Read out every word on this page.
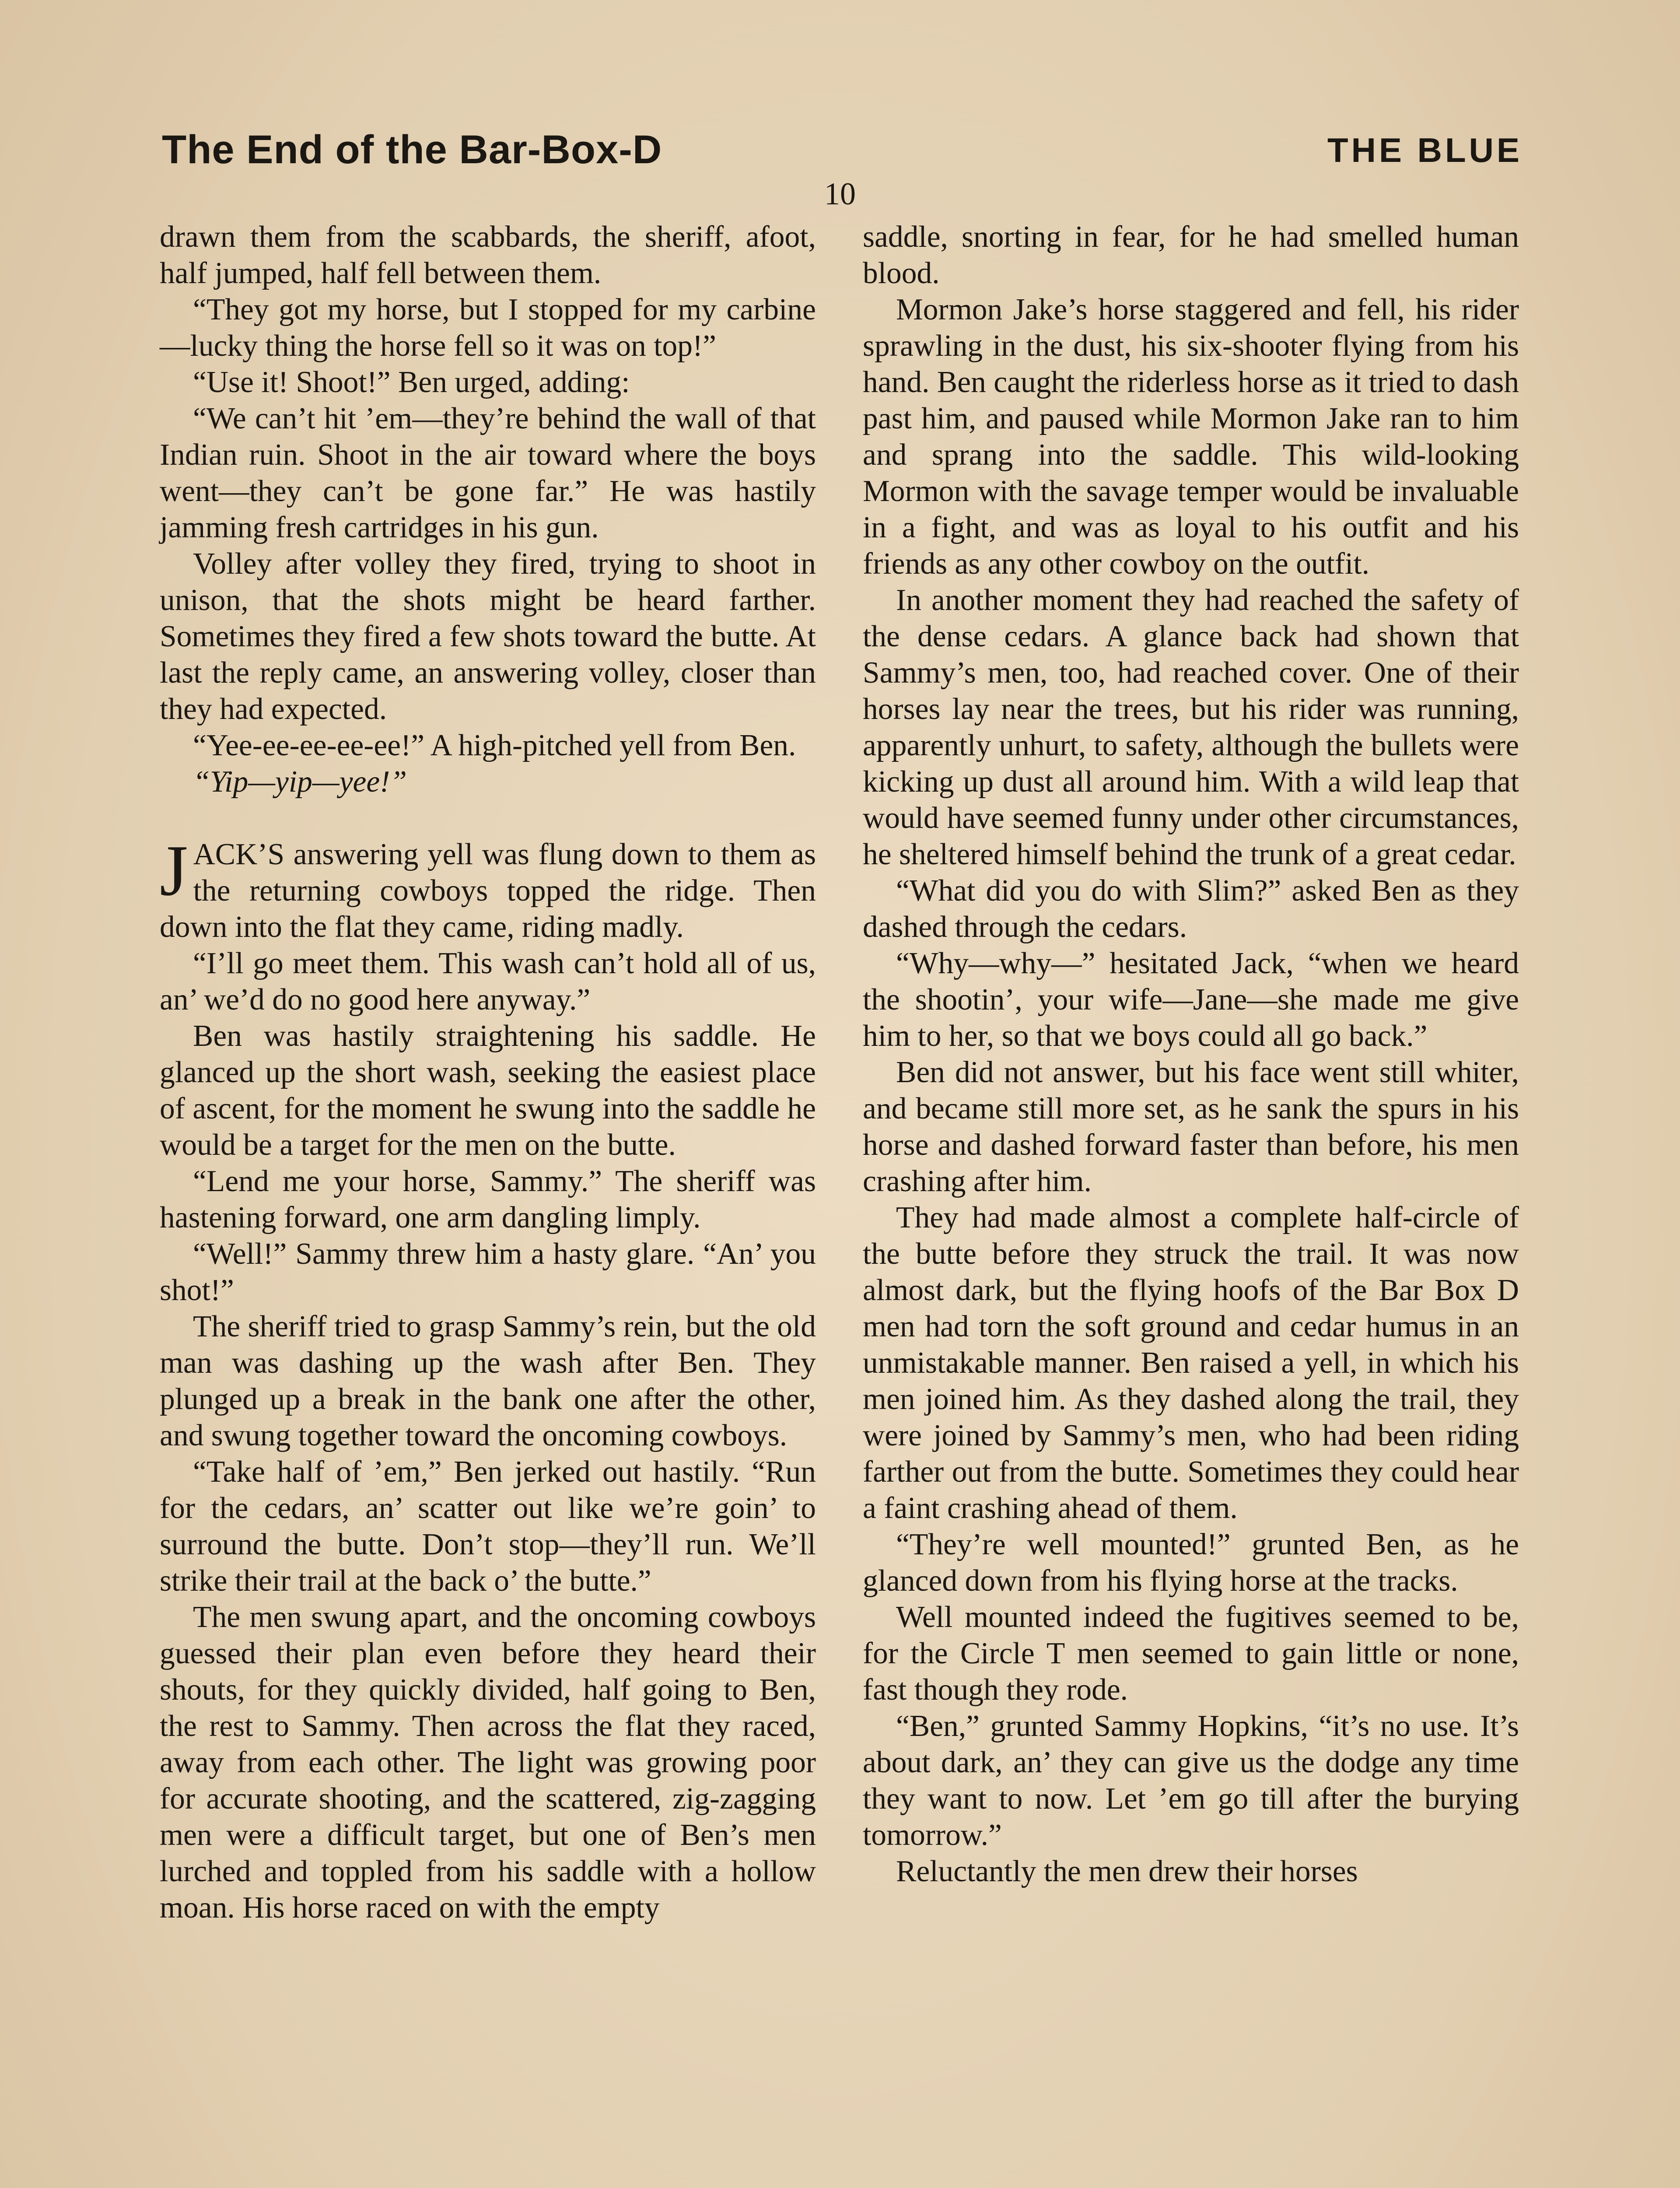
The End of the Bar-Box-D	THE BLUE
10

drawn them from the scabbards, the sheriff, afoot, half jumped, half fell between them.

“They got my horse, but I stopped for my carbine—lucky thing the horse fell so it was on top!”

“Use it! Shoot!” Ben urged, adding:

“We can’t hit ’em—they’re behind the wall of that Indian ruin. Shoot in the air toward where the boys went—they can’t be gone far.” He was hastily jamming fresh cartridges in his gun.

Volley after volley they fired, trying to shoot in unison, that the shots might be heard farther. Sometimes they fired a few shots toward the butte. At last the reply came, an answering volley, closer than they had expected.

“Yee-ee-ee-ee-ee!” A high-pitched yell from Ben.

“Yip—yip—yee!”

JACK’S answering yell was flung down to them as the returning cowboys topped the ridge. Then down into the flat they came, riding madly.

“I’ll go meet them. This wash can’t hold all of us, an’ we’d do no good here anyway.”

Ben was hastily straightening his saddle. He glanced up the short wash, seeking the easiest place of ascent, for the moment he swung into the saddle he would be a target for the men on the butte.

“Lend me your horse, Sammy.” The sheriff was hastening forward, one arm dangling limply.

“Well!” Sammy threw him a hasty glare. “An’ you shot!”

The sheriff tried to grasp Sammy’s rein, but the old man was dashing up the wash after Ben. They plunged up a break in the bank one after the other, and swung together toward the oncoming cowboys.

“Take half of ’em,” Ben jerked out hastily. “Run for the cedars, an’ scatter out like we’re goin’ to surround the butte. Don’t stop—they’ll run. We’ll strike their trail at the back o’ the butte.”

The men swung apart, and the oncoming cowboys guessed their plan even before they heard their shouts, for they quickly divided, half going to Ben, the rest to Sammy. Then across the flat they raced, away from each other. The light was growing poor for accurate shooting, and the scattered, zig-zagging men were a difficult target, but one of Ben’s men lurched and toppled from his saddle with a hollow moan. His horse raced on with the empty

saddle, snorting in fear, for he had smelled human blood.

Mormon Jake’s horse staggered and fell, his rider sprawling in the dust, his six-shooter flying from his hand. Ben caught the riderless horse as it tried to dash past him, and paused while Mormon Jake ran to him and sprang into the saddle. This wild-looking Mormon with the savage temper would be invaluable in a fight, and was as loyal to his outfit and his friends as any other cowboy on the outfit.

In another moment they had reached the safety of the dense cedars. A glance back had shown that Sammy’s men, too, had reached cover. One of their horses lay near the trees, but his rider was running, apparently unhurt, to safety, although the bullets were kicking up dust all around him. With a wild leap that would have seemed funny under other circumstances, he sheltered himself behind the trunk of a great cedar.

“What did you do with Slim?” asked Ben as they dashed through the cedars.

“Why—why—” hesitated Jack, “when we heard the shootin’, your wife—Jane—she made me give him to her, so that we boys could all go back.”

Ben did not answer, but his face went still whiter, and became still more set, as he sank the spurs in his horse and dashed forward faster than before, his men crashing after him.

They had made almost a complete half-circle of the butte before they struck the trail. It was now almost dark, but the flying hoofs of the Bar Box D men had torn the soft ground and cedar humus in an unmistakable manner. Ben raised a yell, in which his men joined him. As they dashed along the trail, they were joined by Sammy’s men, who had been riding farther out from the butte. Sometimes they could hear a faint crashing ahead of them.

“They’re well mounted!” grunted Ben, as he glanced down from his flying horse at the tracks.

Well mounted indeed the fugitives seemed to be, for the Circle T men seemed to gain little or none, fast though they rode.

“Ben,” grunted Sammy Hopkins, “it’s no use. It’s about dark, an’ they can give us the dodge any time they want to now. Let ’em go till after the burying tomorrow.”

Reluctantly the men drew their horses
